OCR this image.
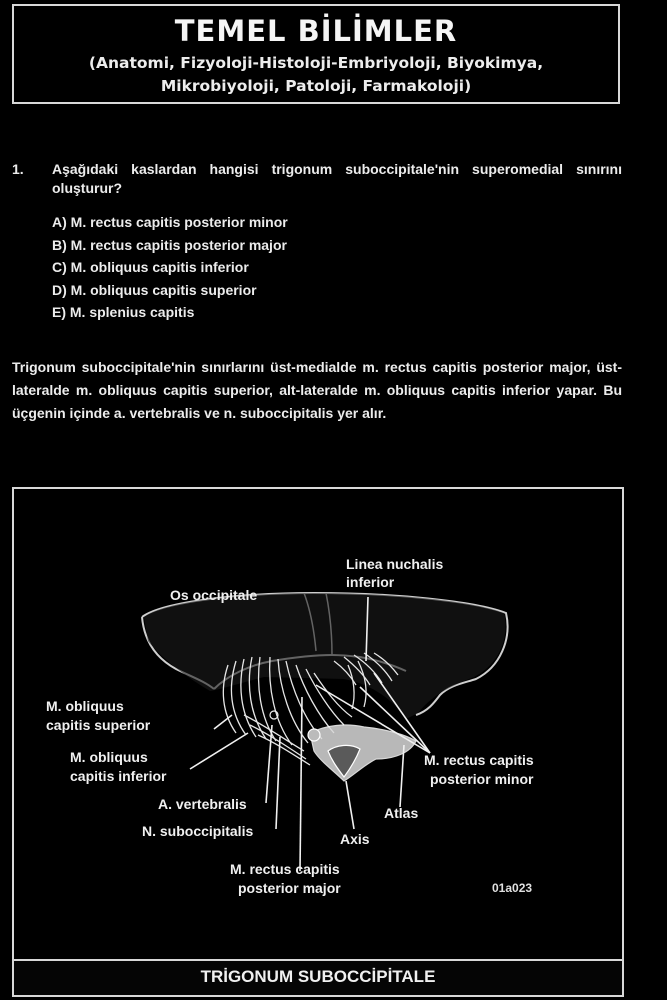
TEMEL BİLİMLER
(Anatomi, Fizyoloji-Histoloji-Embriyoloji, Biyokimya, Mikrobiyoloji, Patoloji, Farmakoloji)
1.	Aşağıdaki kaslardan hangisi trigonum suboccipitale'nin superomedial sınırını oluşturur?
A) M. rectus capitis posterior minor
B) M. rectus capitis posterior major
C) M. obliquus capitis inferior
D) M. obliquus capitis superior
E) M. splenius capitis
Trigonum suboccipitale'nin sınırlarını üst-medialde m. rectus capitis posterior major, üst-lateralde m. obliquus capitis superior, alt-lateralde m. obliquus capitis inferior yapar. Bu üçgenin içinde a. vertebralis ve n. suboccipitalis yer alır.
Os occipitale
Linea nuchalis
inferior
M. obliquus
capitis superior
M. obliquus
capitis inferior
A. vertebralis
N. suboccipitalis
M. rectus capitis
posterior major
M. rectus capitis
posterior minor
Atlas
Axis
01a023
TRİGONUM SUBOCCİPİTALE
